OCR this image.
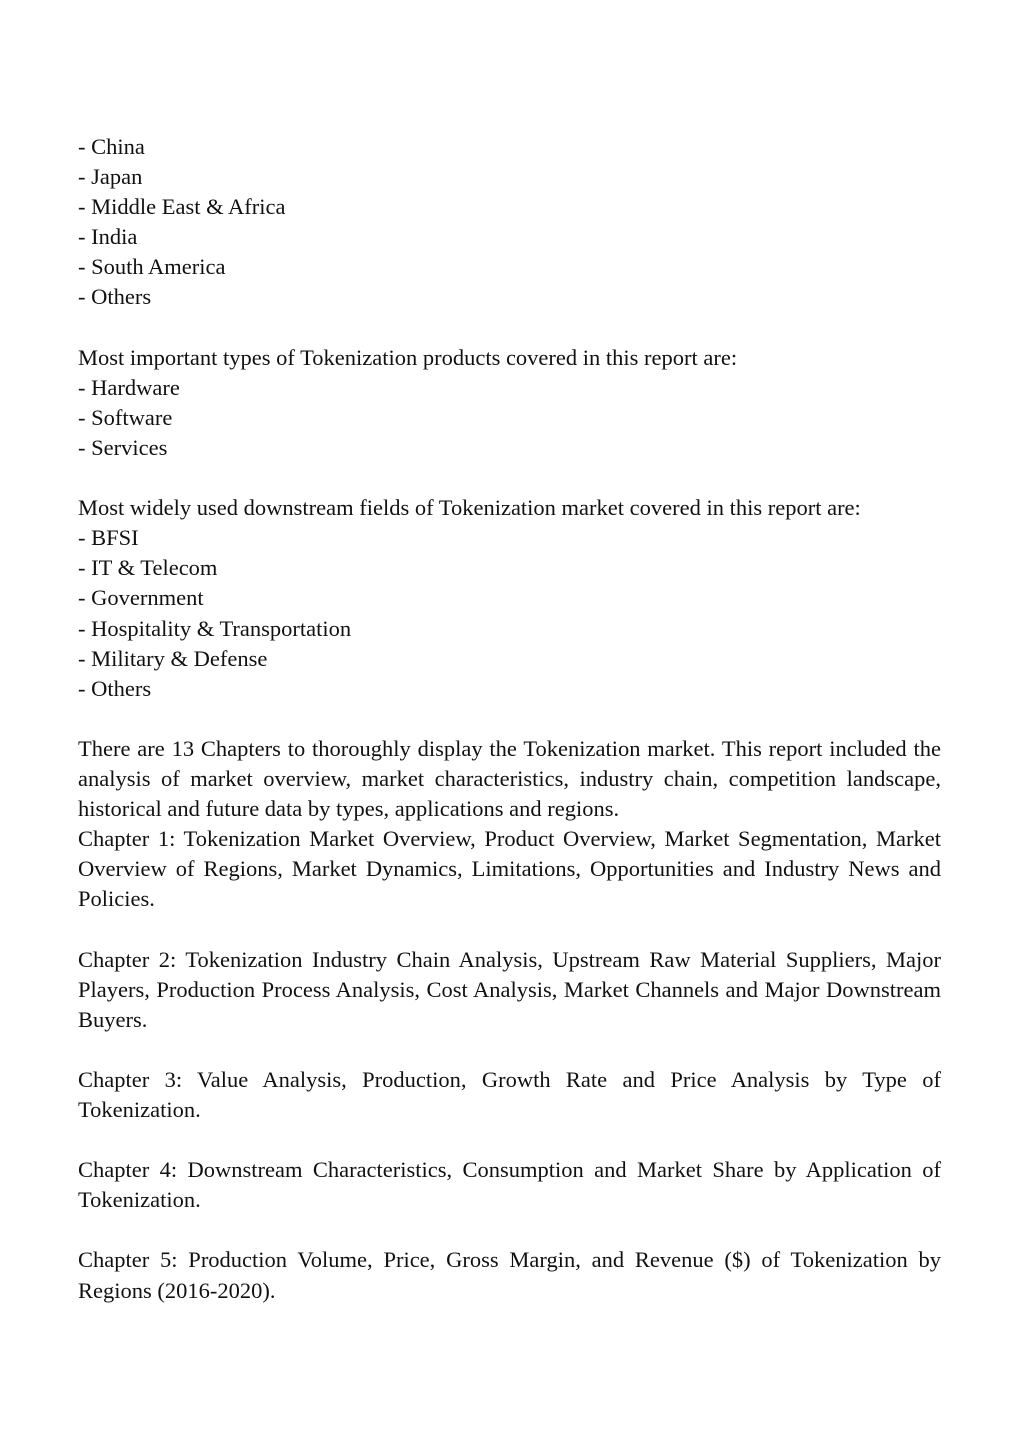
- China
- Japan
- Middle East & Africa
- India
- South America
- Others
Most important types of Tokenization products covered in this report are:
- Hardware
- Software
- Services
Most widely used downstream fields of Tokenization market covered in this report are:
- BFSI
- IT & Telecom
- Government
- Hospitality & Transportation
- Military & Defense
- Others

There are 13 Chapters to thoroughly display the Tokenization market. This report included the analysis of market overview, market characteristics, industry chain, competition landscape, historical and future data by types, applications and regions.

Chapter 1: Tokenization Market Overview, Product Overview, Market Segmentation, Market Overview of Regions, Market Dynamics, Limitations, Opportunities and Industry News and Policies.

Chapter 2: Tokenization Industry Chain Analysis, Upstream Raw Material Suppliers, Major Players, Production Process Analysis, Cost Analysis, Market Channels and Major Downstream Buyers.

Chapter 3: Value Analysis, Production, Growth Rate and Price Analysis by Type of Tokenization.

Chapter 4: Downstream Characteristics, Consumption and Market Share by Application of Tokenization.

Chapter 5: Production Volume, Price, Gross Margin, and Revenue ($) of Tokenization by Regions (2016-2020).
